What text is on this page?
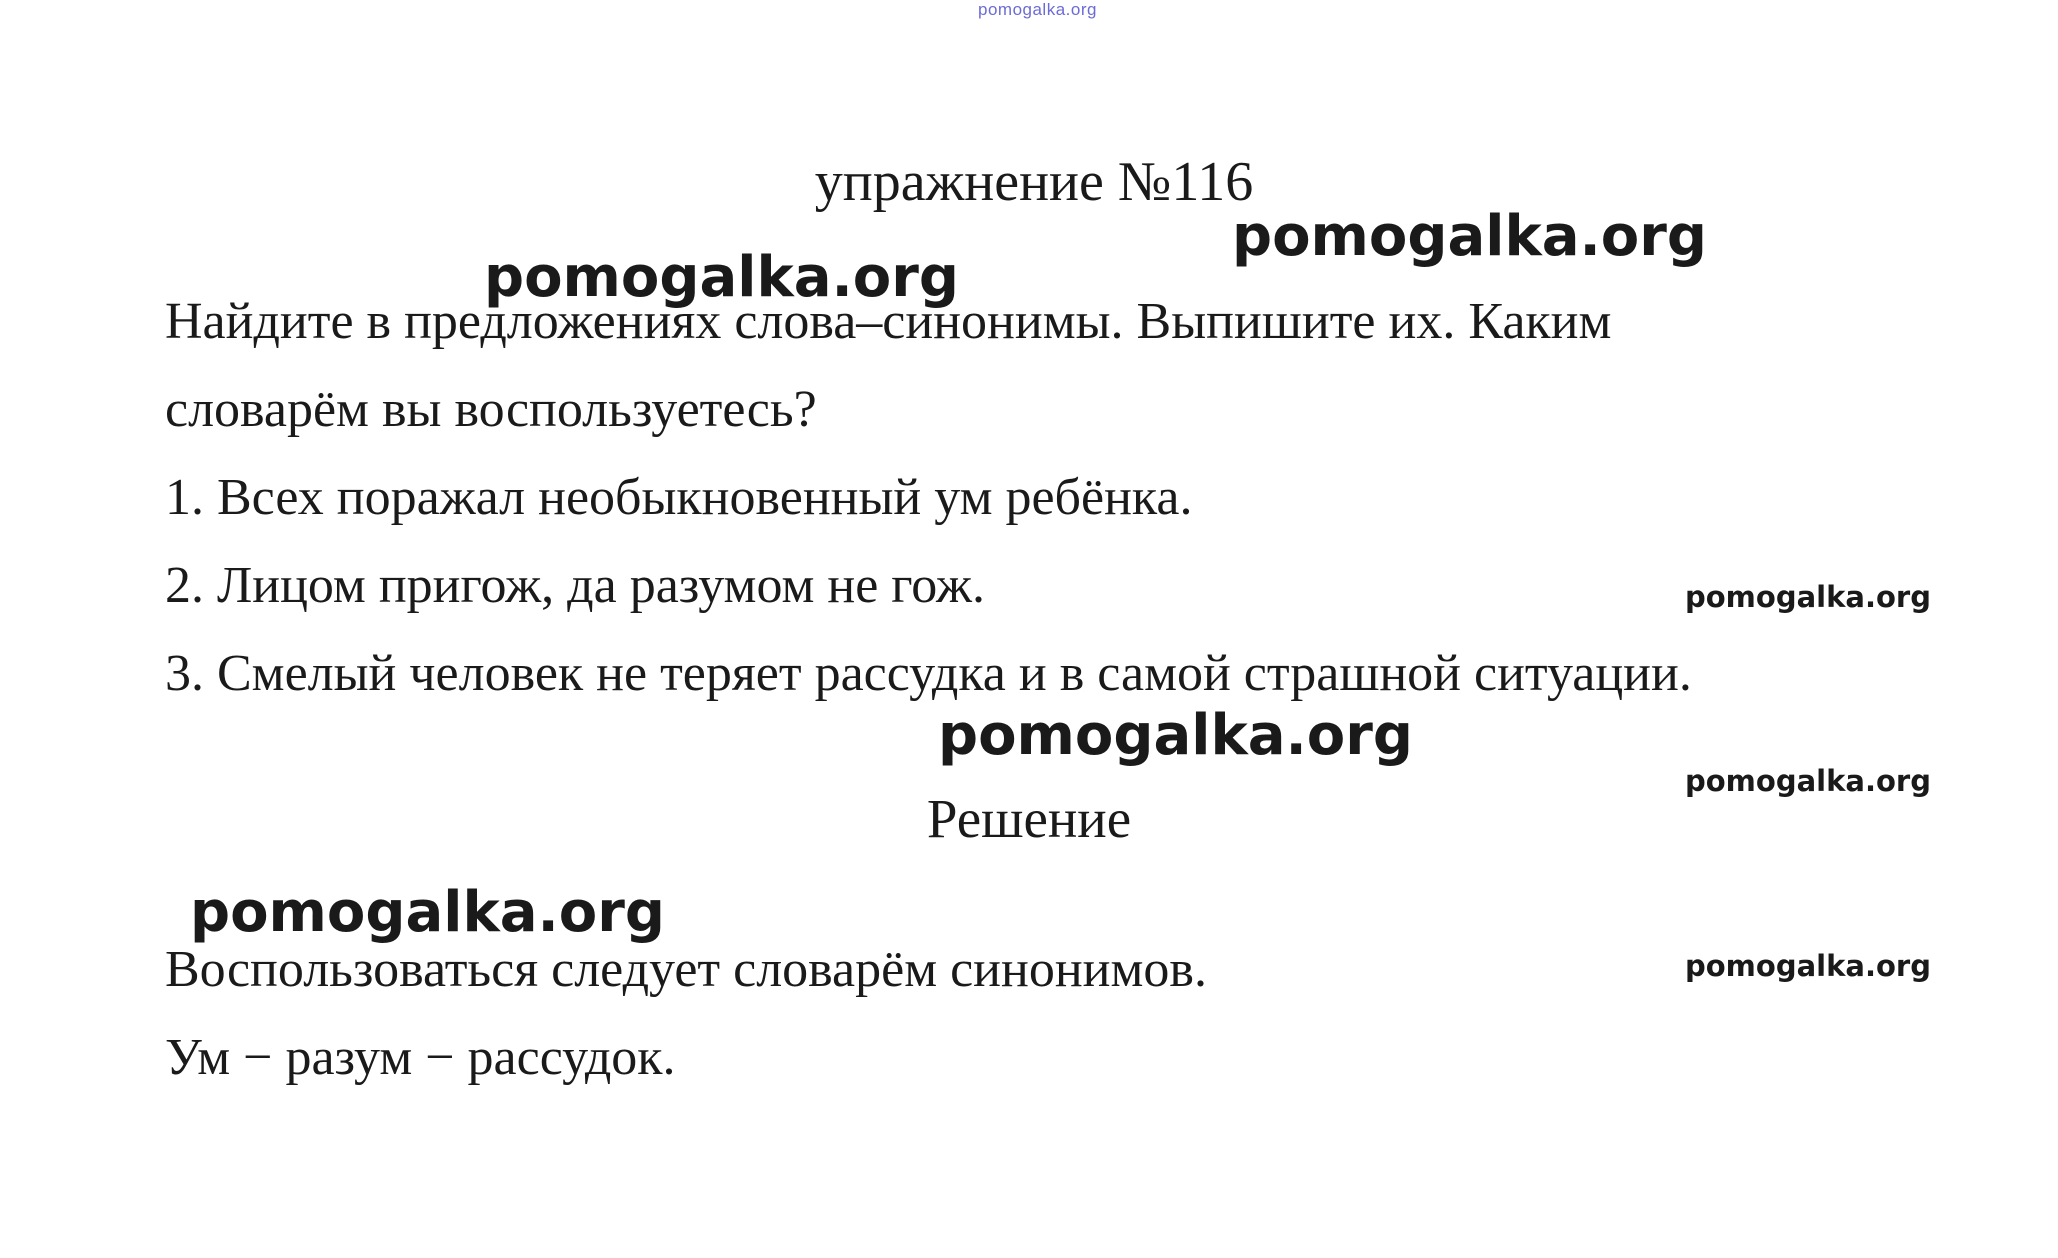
pomogalka.org
упражнение №116
pomogalka.org
pomogalka.org
Найдите в предложениях слова–синонимы. Выпишите их. Каким
словарём вы воспользуетесь?
1. Всех поражал необыкновенный ум ребёнка.
2. Лицом пригож, да разумом не гож.	pomogalka.org
3. Смелый человек не теряет рассудка и в самой страшной ситуации.
pomogalka.org
pomogalka.org
Решение
pomogalka.org
pomogalka.org
Воспользоваться следует словарём синонимов.
Ум − разум − рассудок.
